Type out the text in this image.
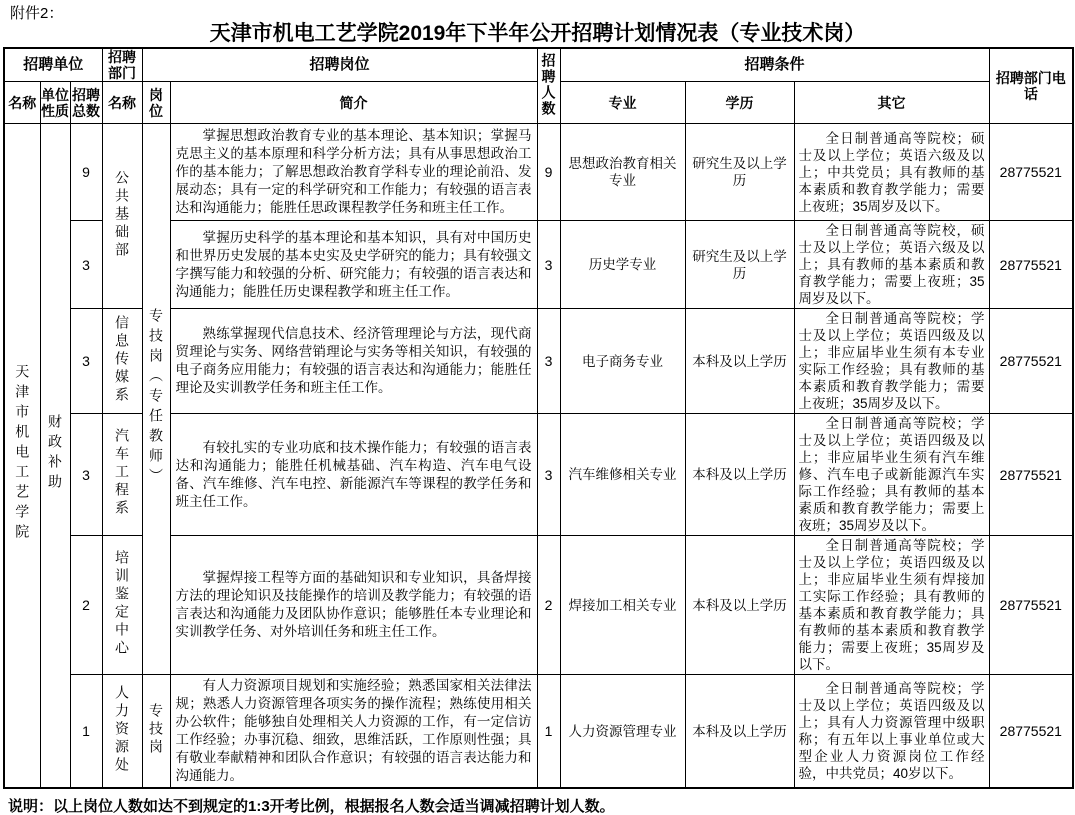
附件2：
天津市机电工艺学院2019年下半年公开招聘计划情况表（专业技术岗）
招聘单位			招聘部门	招聘岗位		招聘人数	招聘条件			招聘部门电话
名称	单位性质	招聘总数	名称	岗位	简介		专业	学历	其它	
天津市机电工艺学院	财政补助	9	公共基础部	专技岗（专任教师）	掌握思想政治教育专业的基本理论、基本知识；掌握马克思主义的基本原理和科学分析方法；具有从事思想政治工作的基本能力；了解思想政治教育学科专业的理论前沿、发展动态；具有一定的科学研究和工作能力；有较强的语言表达和沟通能力；能胜任思政课程教学任务和班主任工作。	9	思想政治教育相关专业	研究生及以上学历	全日制普通高等院校；硕士及以上学位；英语六级及以上；中共党员；具有教师的基本素质和教育教学能力；需要上夜班；35周岁及以下。	28775521
		3			掌握历史科学的基本理论和基本知识，具有对中国历史和世界历史发展的基本史实及史学研究的能力；具有较强文字撰写能力和较强的分析、研究能力；有较强的语言表达和沟通能力；能胜任历史课程教学和班主任工作。	3	历史学专业	研究生及以上学历	全日制普通高等院校，硕士及以上学位；英语六级及以上；具有教师的基本素质和教育教学能力；需要上夜班；35周岁及以下。	28775521
		3	信息传媒系		熟练掌握现代信息技术、经济管理理论与方法，现代商贸理论与实务、网络营销理论与实务等相关知识，有较强的电子商务应用能力；有较强的语言表达和沟通能力；能胜任理论及实训教学任务和班主任工作。	3	电子商务专业	本科及以上学历	全日制普通高等院校；学士及以上学位；英语四级及以上；非应届毕业生须有本专业实际工作经验；具有教师的基本素质和教育教学能力；需要上夜班；35周岁及以下。	28775521
		3	汽车工程系		有较扎实的专业功底和技术操作能力；有较强的语言表达和沟通能力；能胜任机械基础、汽车构造、汽车电气设备、汽车维修、汽车电控、新能源汽车等课程的教学任务和班主任工作。	3	汽车维修相关专业	本科及以上学历	全日制普通高等院校；学士及以上学位；英语四级及以上；非应届毕业生须有汽车维修、汽车电子或新能源汽车实际工作经验；具有教师的基本素质和教育教学能力；需要上夜班；35周岁及以下。	28775521
		2	培训鉴定中心		掌握焊接工程等方面的基础知识和专业知识，具备焊接方法的理论知识及技能操作的培训及教学能力；有较强的语言表达和沟通能力及团队协作意识；能够胜任本专业理论和实训教学任务、对外培训任务和班主任工作。	2	焊接加工相关专业	本科及以上学历	全日制普通高等院校；学士及以上学位；英语四级及以上；非应届毕业生须有焊接加工实际工作经验；具有教师的基本素质和教育教学能力；具有教师的基本素质和教育教学能力；需要上夜班；35周岁及以下。	28775521
		1	人力资源处	专技岗	有人力资源项目规划和实施经验；熟悉国家相关法律法规；熟悉人力资源管理各项实务的操作流程；熟练使用相关办公软件；能够独自处理相关人力资源的工作，有一定信访工作经验；办事沉稳、细致，思维活跃，工作原则性强；具有敬业奉献精神和团队合作意识；有较强的语言表达能力和沟通能力。	1	人力资源管理专业	本科及以上学历	全日制普通高等院校；学士及以上学位；英语四级及以上；具有人力资源管理中级职称；有五年以上事业单位或大型企业人力资源岗位工作经验，中共党员；40岁以下。	28775521
说明：以上岗位人数如达不到规定的1:3开考比例，根据报名人数会适当调减招聘计划人数。
